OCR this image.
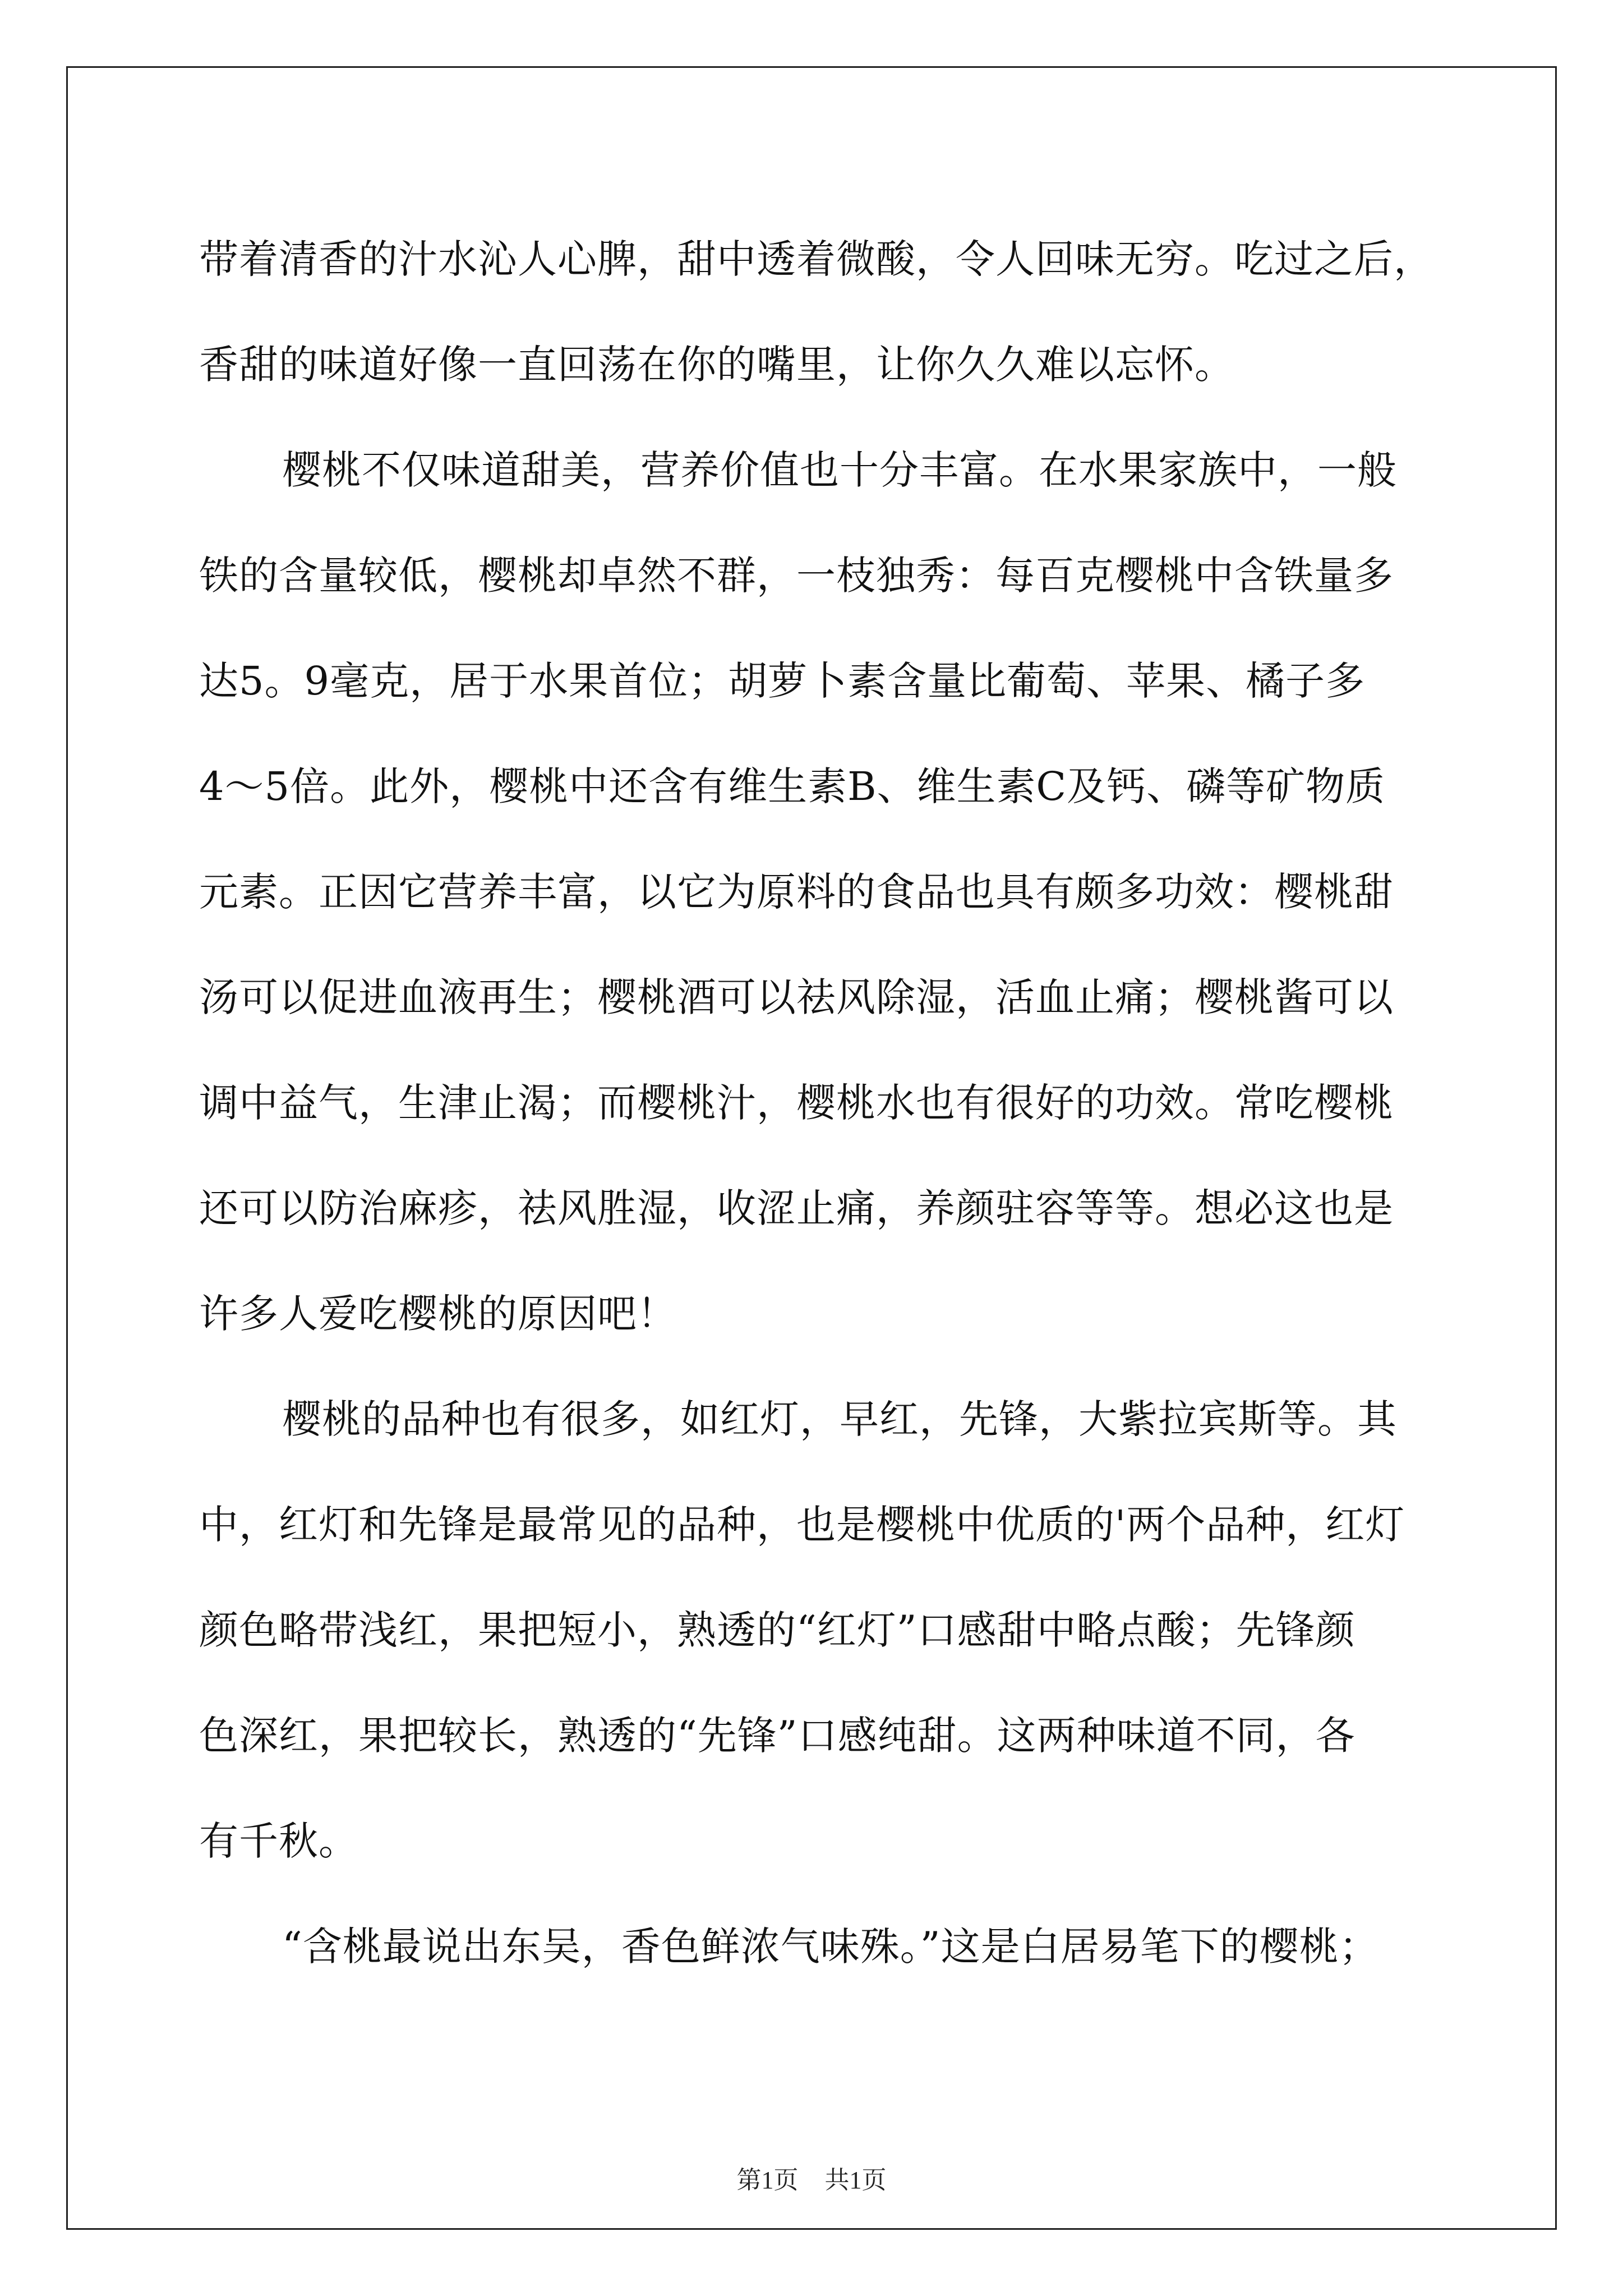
带着清香的汁水沁人心脾，甜中透着微酸，令人回味无穷。吃过之后，
香甜的味道好像一直回荡在你的嘴里，让你久久难以忘怀。
樱桃不仅味道甜美，营养价值也十分丰富。在水果家族中，一般
铁的含量较低，樱桃却卓然不群，一枝独秀：每百克樱桃中含铁量多
达5。9毫克，居于水果首位；胡萝卜素含量比葡萄、苹果、橘子多
4～5倍。此外，樱桃中还含有维生素B、维生素C及钙、磷等矿物质
元素。正因它营养丰富，以它为原料的食品也具有颇多功效：樱桃甜
汤可以促进血液再生；樱桃酒可以祛风除湿，活血止痛；樱桃酱可以
调中益气，生津止渴；而樱桃汁，樱桃水也有很好的功效。常吃樱桃
还可以防治麻疹，祛风胜湿，收涩止痛，养颜驻容等等。想必这也是
许多人爱吃樱桃的原因吧！
樱桃的品种也有很多，如红灯，早红，先锋，大紫拉宾斯等。其
中，红灯和先锋是最常见的品种，也是樱桃中优质的'两个品种，红灯
颜色略带浅红，果把短小，熟透的“红灯”口感甜中略点酸；先锋颜
色深红，果把较长，熟透的“先锋”口感纯甜。这两种味道不同，各
有千秋。
“含桃最说出东吴，香色鲜浓气味殊。”这是白居易笔下的樱桃；
第1页 共1页
